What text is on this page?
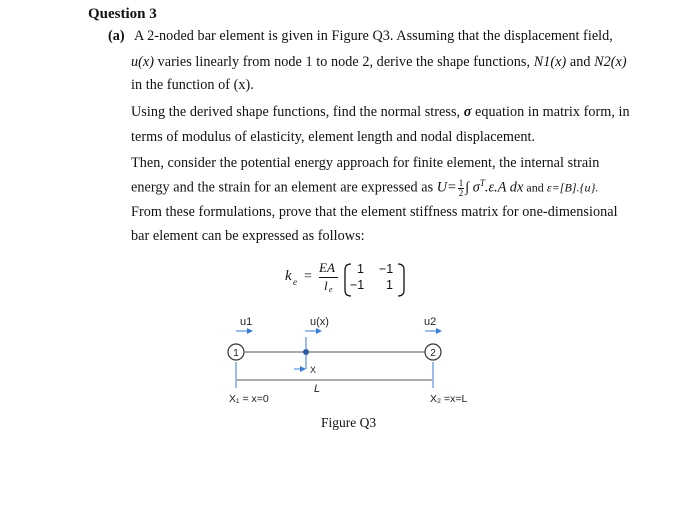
Question 3
(a) A 2-noded bar element is given in Figure Q3. Assuming that the displacement field,
u(x) varies linearly from node 1 to node 2, derive the shape functions, N1(x) and N2(x)
in the function of (x).
Using the derived shape functions, find the normal stress, σ equation in matrix form, in
terms of modulus of elasticity, element length and nodal displacement.
Then, consider the potential energy approach for finite element, the internal strain
energy and the strain for an element are expressed as $U= \frac{1}{2}$ ∫ $\sigma^T.\varepsilon.A$ dx and ε=[B].{u}.
From these formulations, prove that the element stiffness matrix for one-dimensional
bar element can be expressed as follows:
k e =
EA
l e
1 −1
−1 1
u1	u(x)	u2
1	2
X
L
X₁ = x=0	X₂ =x=L
Figure Q3
